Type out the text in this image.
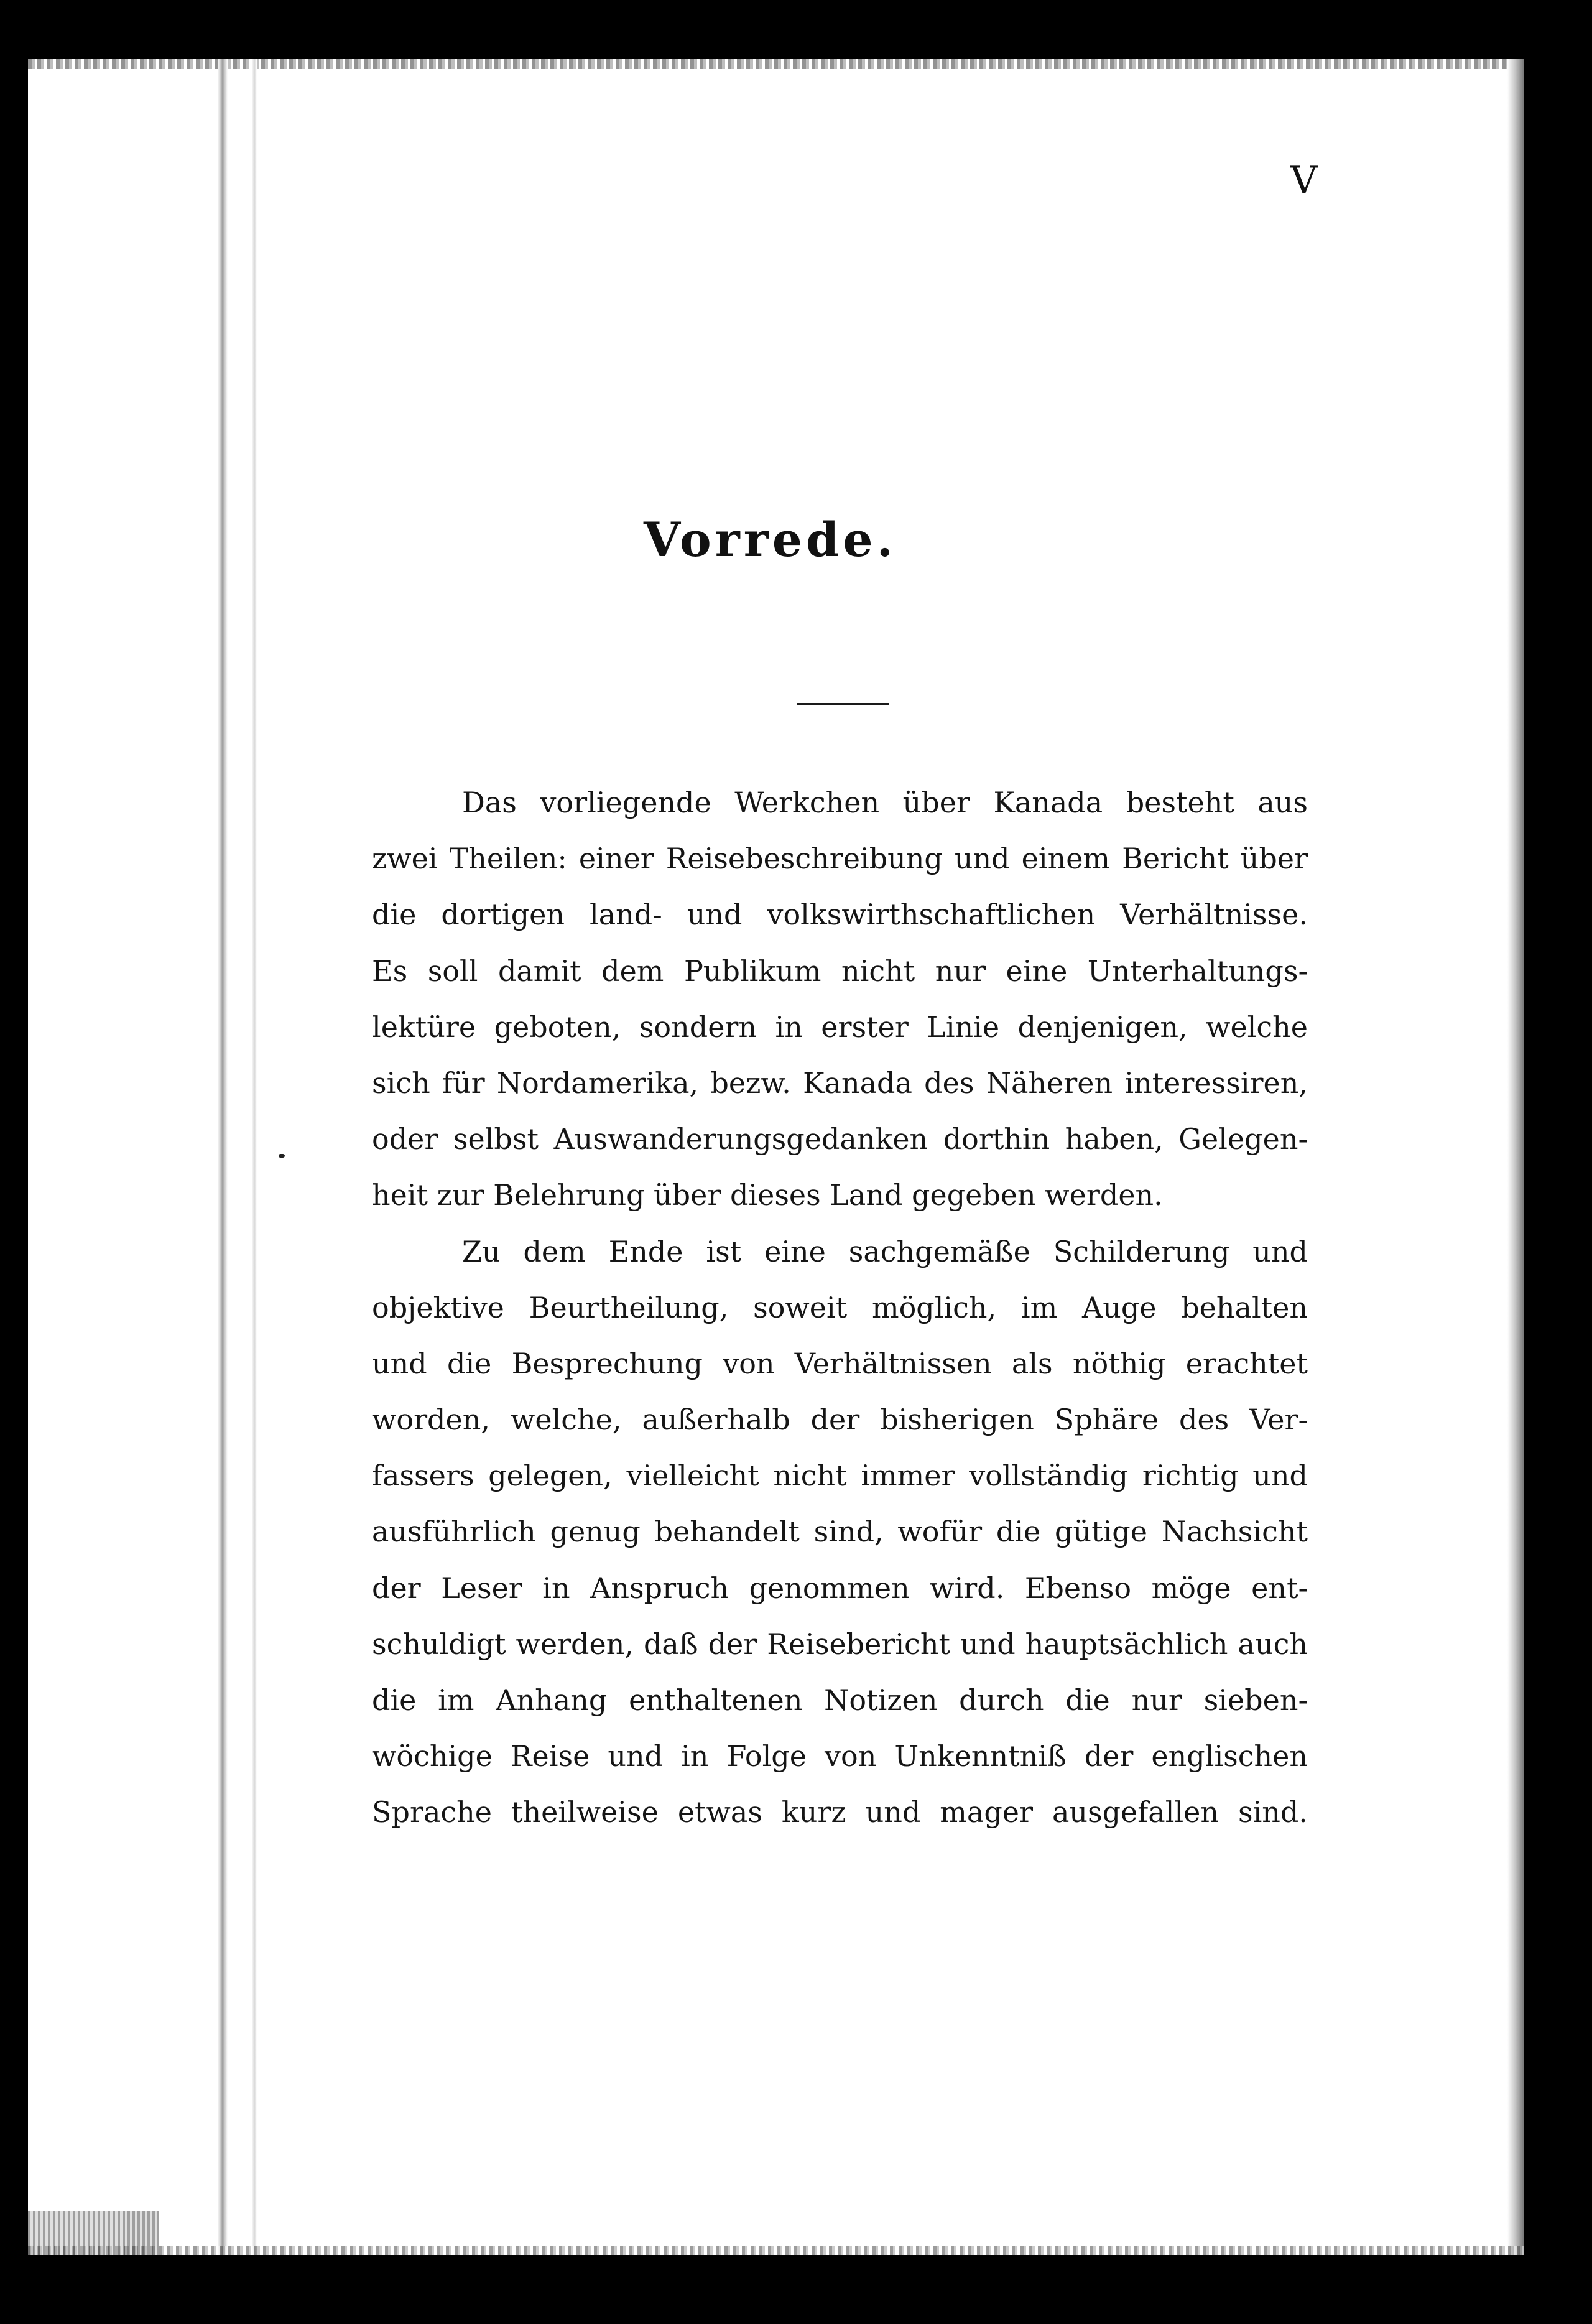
V
Vorrede.
Das vorliegende Werkchen über Kanada besteht aus
zwei Theilen: einer Reisebeschreibung und einem Bericht über
die dortigen land- und volkswirthschaftlichen Verhältnisse.
Es soll damit dem Publikum nicht nur eine Unterhaltungs-
lektüre geboten, sondern in erster Linie denjenigen, welche
sich für Nordamerika, bezw. Kanada des Näheren interessiren,
oder selbst Auswanderungsgedanken dorthin haben, Gelegen-
heit zur Belehrung über dieses Land gegeben werden.
Zu dem Ende ist eine sachgemäße Schilderung und
objektive Beurtheilung, soweit möglich, im Auge behalten
und die Besprechung von Verhältnissen als nöthig erachtet
worden, welche, außerhalb der bisherigen Sphäre des Ver-
fassers gelegen, vielleicht nicht immer vollständig richtig und
ausführlich genug behandelt sind, wofür die gütige Nachsicht
der Leser in Anspruch genommen wird. Ebenso möge ent-
schuldigt werden, daß der Reisebericht und hauptsächlich auch
die im Anhang enthaltenen Notizen durch die nur sieben-
wöchige Reise und in Folge von Unkenntniß der englischen
Sprache theilweise etwas kurz und mager ausgefallen sind.
